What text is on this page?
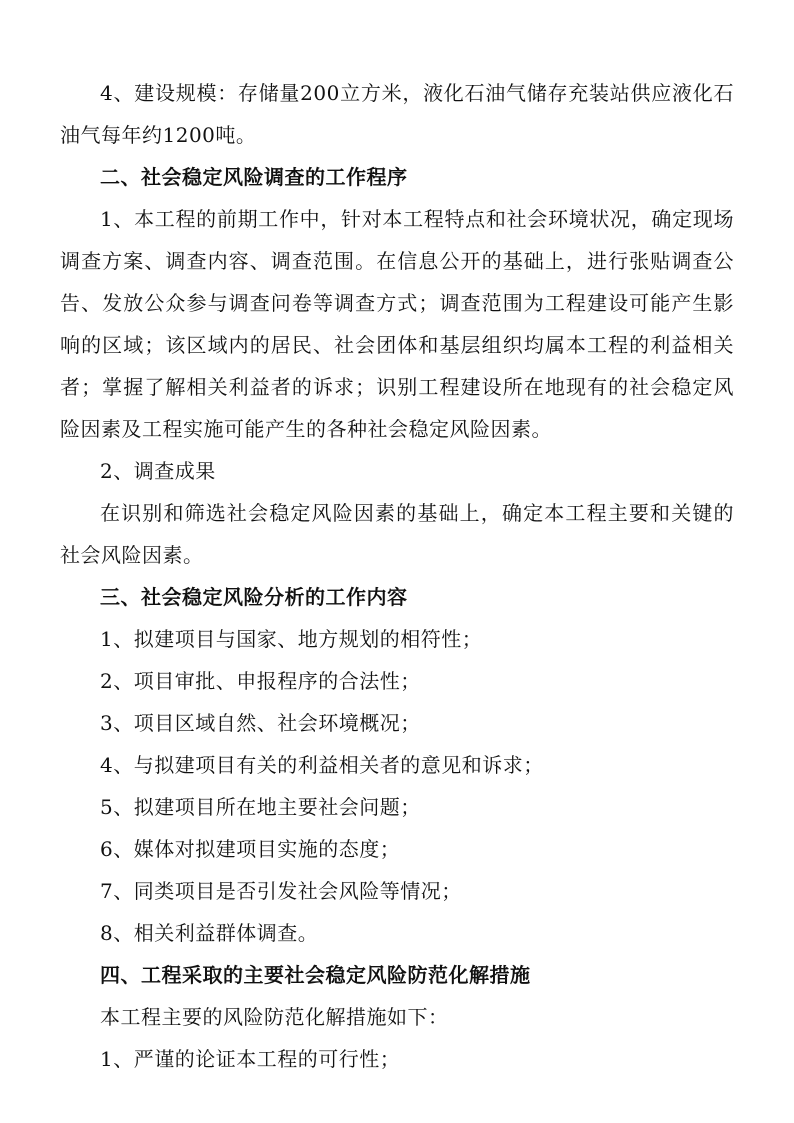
4、建设规模：存储量200立方米，液化石油气储存充装站供应液化石油气每年约1200吨。

二、社会稳定风险调查的工作程序

1、本工程的前期工作中，针对本工程特点和社会环境状况，确定现场调查方案、调查内容、调查范围。在信息公开的基础上，进行张贴调查公告、发放公众参与调查问卷等调查方式；调查范围为工程建设可能产生影响的区域；该区域内的居民、社会团体和基层组织均属本工程的利益相关者；掌握了解相关利益者的诉求；识别工程建设所在地现有的社会稳定风险因素及工程实施可能产生的各种社会稳定风险因素。

2、调查成果

在识别和筛选社会稳定风险因素的基础上，确定本工程主要和关键的社会风险因素。

三、社会稳定风险分析的工作内容

1、拟建项目与国家、地方规划的相符性；

2、项目审批、申报程序的合法性；

3、项目区域自然、社会环境概况；

4、与拟建项目有关的利益相关者的意见和诉求；

5、拟建项目所在地主要社会问题；

6、媒体对拟建项目实施的态度；

7、同类项目是否引发社会风险等情况；

8、相关利益群体调查。

四、工程采取的主要社会稳定风险防范化解措施

本工程主要的风险防范化解措施如下：

1、严谨的论证本工程的可行性；
